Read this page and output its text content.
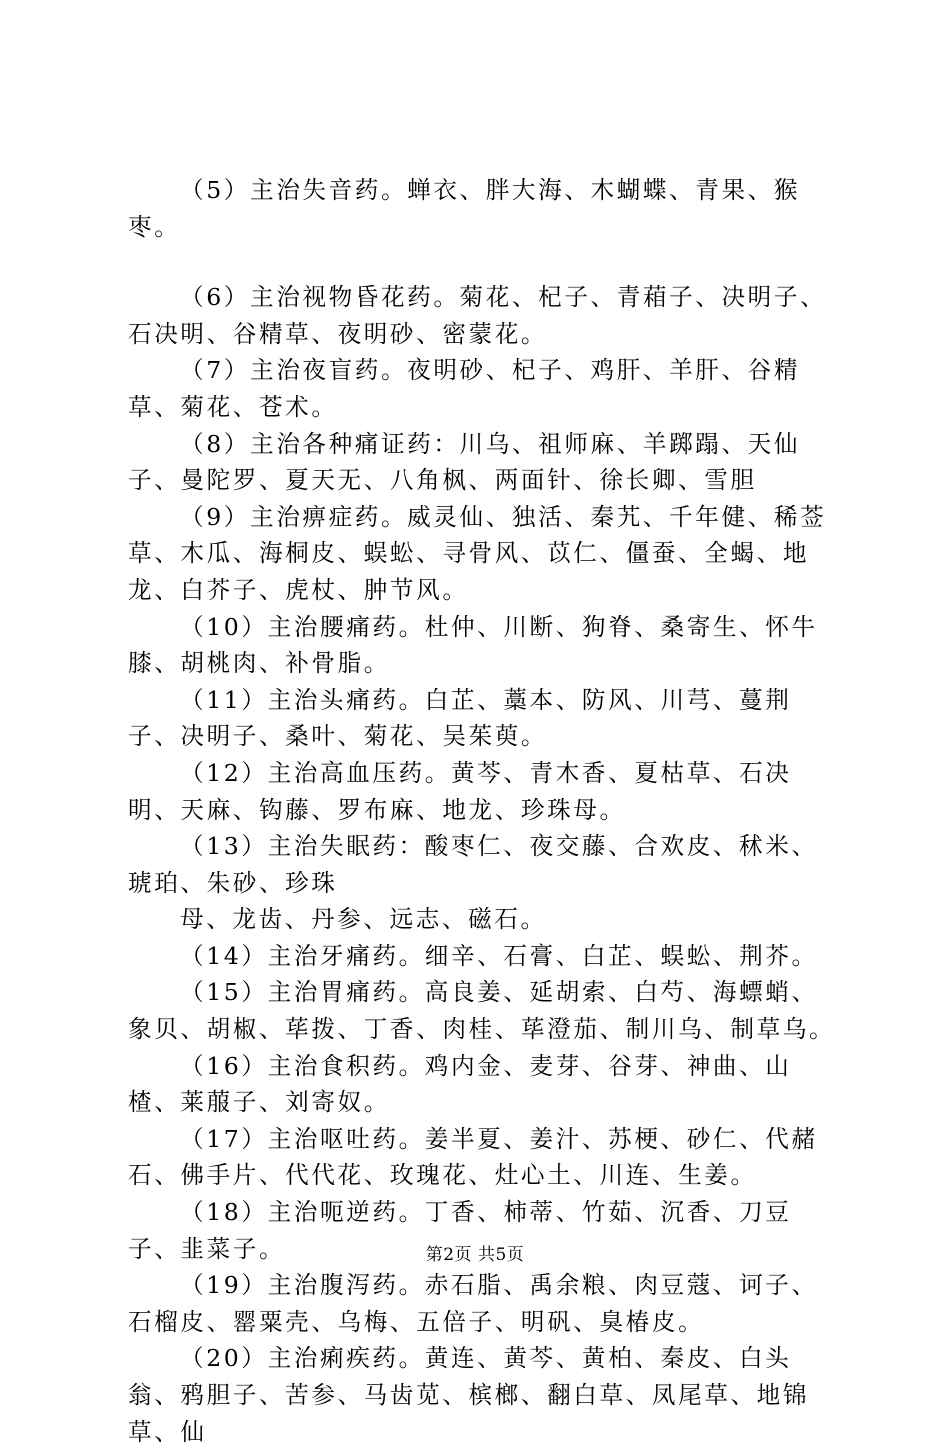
（5）主治失音药。蝉衣、胖大海、木蝴蝶、青果、猴枣。

（6）主治视物昏花药。菊花、杞子、青葙子、决明子、石决明、谷精草、夜明砂、密蒙花。

（7）主治夜盲药。夜明砂、杞子、鸡肝、羊肝、谷精草、菊花、苍术。

（8）主治各种痛证药：川乌、祖师麻、羊踯蹋、天仙子、曼陀罗、夏天无、八角枫、两面针、徐长卿、雪胆

（9）主治痹症药。威灵仙、独活、秦艽、千年健、稀莶草、木瓜、海桐皮、蜈蚣、寻骨风、苡仁、僵蚕、全蝎、地龙、白芥子、虎杖、肿节风。

（10）主治腰痛药。杜仲、川断、狗脊、桑寄生、怀牛膝、胡桃肉、补骨脂。

（11）主治头痛药。白芷、藁本、防风、川芎、蔓荆子、决明子、桑叶、菊花、吴茱萸。

（12）主治高血压药。黄芩、青木香、夏枯草、石决明、天麻、钩藤、罗布麻、地龙、珍珠母。

（13）主治失眠药：酸枣仁、夜交藤、合欢皮、秫米、琥珀、朱砂、珍珠

母、龙齿、丹参、远志、磁石。

（14）主治牙痛药。细辛、石膏、白芷、蜈蚣、荆芥。

（15）主治胃痛药。高良姜、延胡索、白芍、海螵蛸、象贝、胡椒、荜拨、丁香、肉桂、荜澄茄、制川乌、制草乌。

（16）主治食积药。鸡内金、麦芽、谷芽、神曲、山楂、莱菔子、刘寄奴。

（17）主治呕吐药。姜半夏、姜汁、苏梗、砂仁、代赭石、佛手片、代代花、玫瑰花、灶心土、川连、生姜。

（18）主治呃逆药。丁香、柿蒂、竹茹、沉香、刀豆子、韭菜子。

（19）主治腹泻药。赤石脂、禹余粮、肉豆蔻、诃子、石榴皮、罂粟壳、乌梅、五倍子、明矾、臭椿皮。

（20）主治痢疾药。黄连、黄芩、黄柏、秦皮、白头翁、鸦胆子、苦参、马齿苋、槟榔、翻白草、凤尾草、地锦草、仙

第2页 共5页
